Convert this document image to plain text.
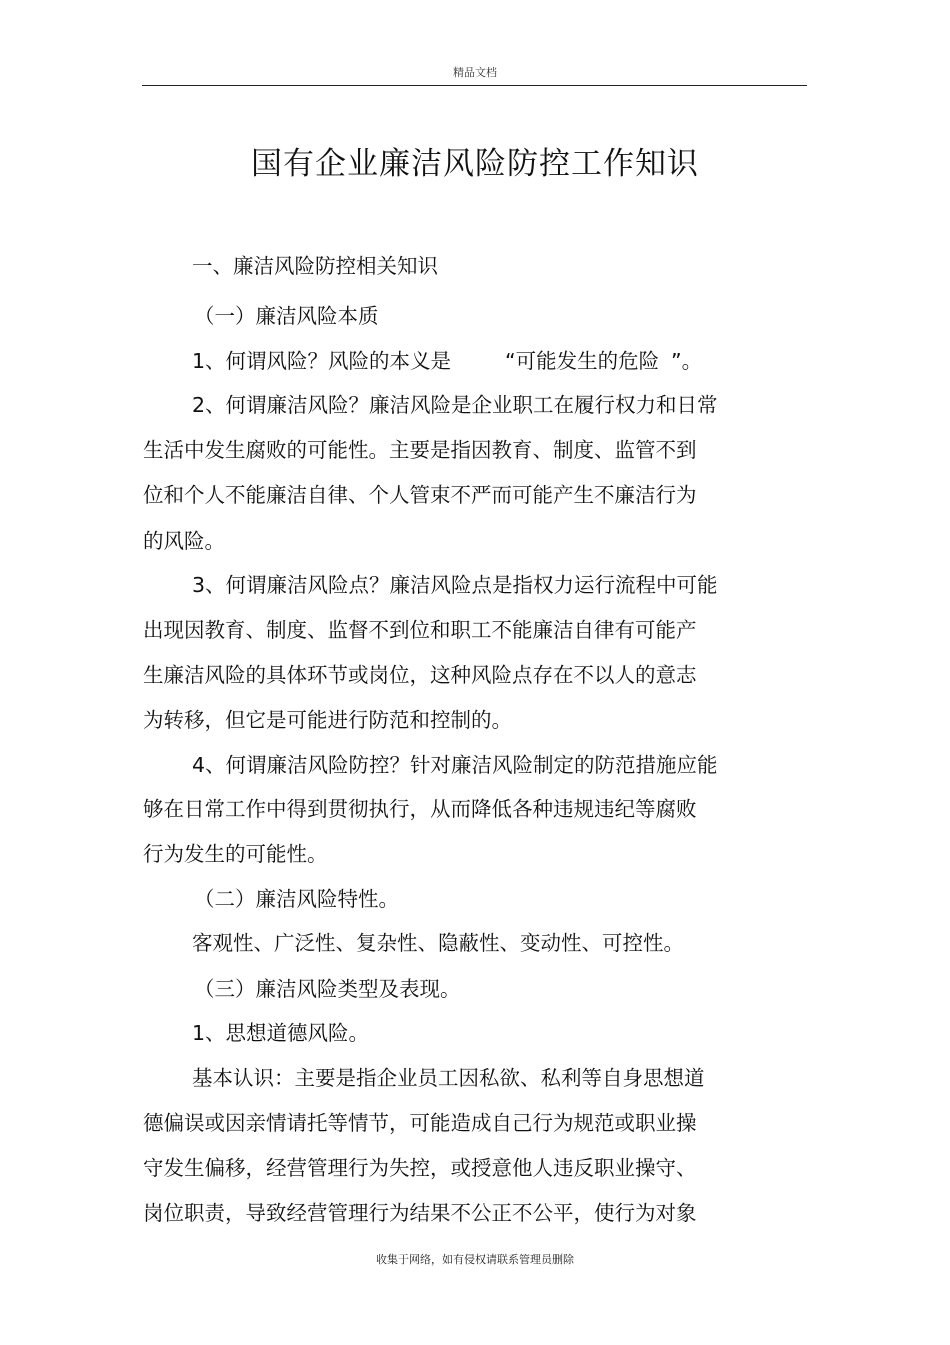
精品文档
国有企业廉洁风险防控工作知识
一、廉洁风险防控相关知识
（一）廉洁风险本质
1、何谓风险？风险的本义是	“可能发生的危险 ”。
2、何谓廉洁风险？廉洁风险是企业职工在履行权力和日常
生活中发生腐败的可能性。主要是指因教育、制度、监管不到
位和个人不能廉洁自律、个人管束不严而可能产生不廉洁行为
的风险。
3、何谓廉洁风险点？廉洁风险点是指权力运行流程中可能
出现因教育、制度、监督不到位和职工不能廉洁自律有可能产
生廉洁风险的具体环节或岗位，这种风险点存在不以人的意志
为转移，但它是可能进行防范和控制的。
4、何谓廉洁风险防控？针对廉洁风险制定的防范措施应能
够在日常工作中得到贯彻执行，从而降低各种违规违纪等腐败
行为发生的可能性。
（二）廉洁风险特性。
客观性、广泛性、复杂性、隐蔽性、变动性、可控性。
（三）廉洁风险类型及表现。
1、思想道德风险。
基本认识：主要是指企业员工因私欲、私利等自身思想道
德偏误或因亲情请托等情节，可能造成自己行为规范或职业操
守发生偏移，经营管理行为失控，或授意他人违反职业操守、
岗位职责，导致经营管理行为结果不公正不公平，使行为对象
收集于网络，如有侵权请联系管理员删除
